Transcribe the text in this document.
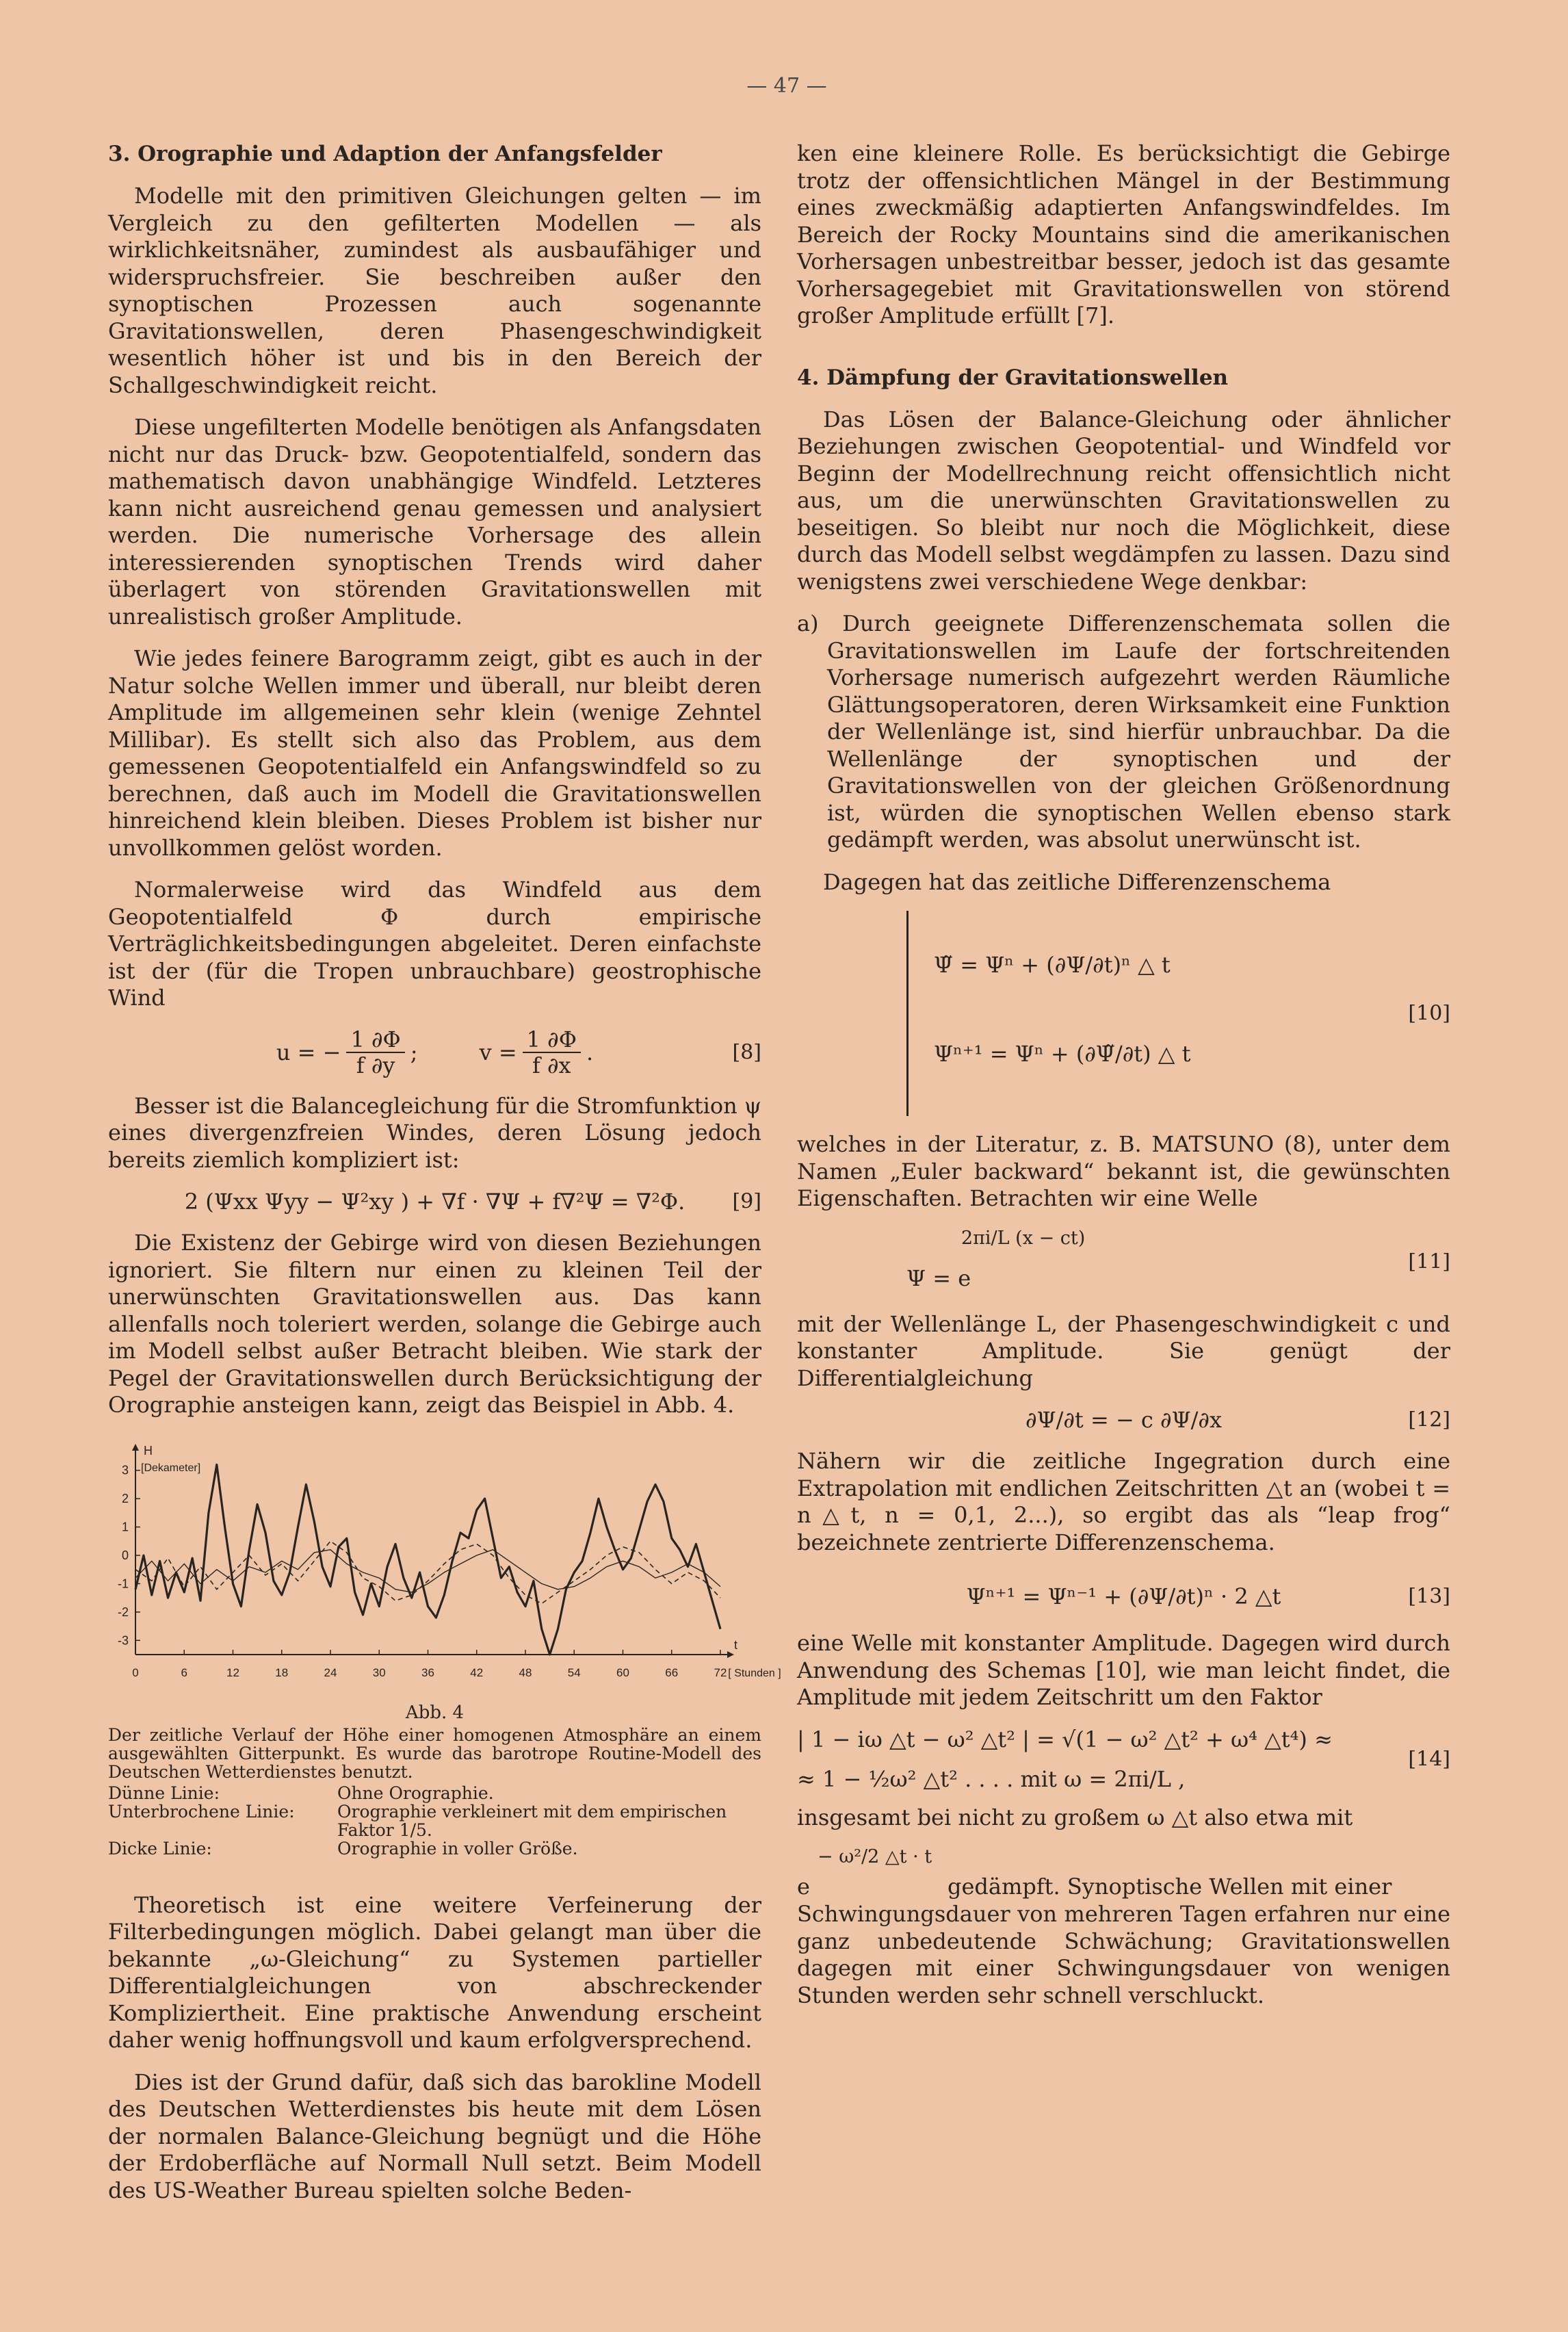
— 47 —
3. Orographie und Adaption der Anfangsfelder

Modelle mit den primitiven Gleichungen gelten — im Vergleich zu den gefilterten Modellen — als wirklichkeitsnäher, zumindest als ausbaufähiger und widerspruchsfreier. Sie beschreiben außer den synoptischen Prozessen auch sogenannte Gravitationswellen, deren Phasengeschwindigkeit wesentlich höher ist und bis in den Bereich der Schallgeschwindigkeit reicht.

Diese ungefilterten Modelle benötigen als Anfangsdaten nicht nur das Druck- bzw. Geopotentialfeld, sondern das mathematisch davon unabhängige Windfeld. Letzteres kann nicht ausreichend genau gemessen und analysiert werden. Die numerische Vorhersage des allein interessierenden synoptischen Trends wird daher überlagert von störenden Gravitationswellen mit unrealistisch großer Amplitude.

Wie jedes feinere Barogramm zeigt, gibt es auch in der Natur solche Wellen immer und überall, nur bleibt deren Amplitude im allgemeinen sehr klein (wenige Zehntel Millibar). Es stellt sich also das Problem, aus dem gemessenen Geopotentialfeld ein Anfangswindfeld so zu berechnen, daß auch im Modell die Gravitationswellen hinreichend klein bleiben. Dieses Problem ist bisher nur unvollkommen gelöst worden.

Normalerweise wird das Windfeld aus dem Geopotentialfeld Φ durch empirische Verträglichkeitsbedingungen abgeleitet. Deren einfachste ist der (für die Tropen unbrauchbare) geostrophische Wind

u = − $\frac{1 \partial\Phi}{f \partial y}$ ;	$v = \frac{1 \partial\Phi}{f \partial x}$ .	[8]

Besser ist die Balancegleichung für die Stromfunktion ψ eines divergenzfreien Windes, deren Lösung jedoch bereits ziemlich kompliziert ist:

2 (Ψxx Ψyy − Ψ²xy ) + ∇f · ∇Ψ + f∇²Ψ = ∇²Φ. [9]

Die Existenz der Gebirge wird von diesen Beziehungen ignoriert. Sie filtern nur einen zu kleinen Teil der unerwünschten Gravitationswellen aus. Das kann allenfalls noch toleriert werden, solange die Gebirge auch im Modell selbst außer Betracht bleiben. Wie stark der Pegel der Gravitationswellen durch Berücksichtigung der Orographie ansteigen kann, zeigt das Beispiel in Abb. 4.

H
[Dekameter]
3
2
1
0
-1
-2
-3
0	6	12	18	24	30	36	42	48	54	60	66	72
t
[ Stunden ]
Abb. 4

Der zeitliche Verlauf der Höhe einer homogenen Atmosphäre an einem ausgewählten Gitterpunkt. Es wurde das barotrope Routine-Modell des Deutschen Wetterdienstes benutzt.

Dünne Linie:	Ohne Orographie.
Unterbrochene Linie:	Orographie verkleinert mit dem empirischen Faktor 1/5.
Dicke Linie:	Orographie in voller Größe.

Theoretisch ist eine weitere Verfeinerung der Filterbedingungen möglich. Dabei gelangt man über die bekannte „ω-Gleichung“ zu Systemen partieller Differentialgleichungen von abschreckender Kompliziertheit. Eine praktische Anwendung erscheint daher wenig hoffnungsvoll und kaum erfolgversprechend.

Dies ist der Grund dafür, daß sich das barokline Modell des Deutschen Wetterdienstes bis heute mit dem Lösen der normalen Balance-Gleichung begnügt und die Höhe der Erdoberfläche auf Normall Null setzt. Beim Modell des US-Weather Bureau spielten solche Beden-

ken eine kleinere Rolle. Es berücksichtigt die Gebirge trotz der offensichtlichen Mängel in der Bestimmung eines zweckmäßig adaptierten Anfangswindfeldes. Im Bereich der Rocky Mountains sind die amerikanischen Vorhersagen unbestreitbar besser, jedoch ist das gesamte Vorhersagegebiet mit Gravitationswellen von störend großer Amplitude erfüllt [7].

4. Dämpfung der Gravitationswellen

Das Lösen der Balance-Gleichung oder ähnlicher Beziehungen zwischen Geopotential- und Windfeld vor Beginn der Modellrechnung reicht offensichtlich nicht aus, um die unerwünschten Gravitationswellen zu beseitigen. So bleibt nur noch die Möglichkeit, diese durch das Modell selbst wegdämpfen zu lassen. Dazu sind wenigstens zwei verschiedene Wege denkbar:

a) Durch geeignete Differenzenschemata sollen die Gravitationswellen im Laufe der fortschreitenden Vorhersage numerisch aufgezehrt werden Räumliche Glättungsoperatoren, deren Wirksamkeit eine Funktion der Wellenlänge ist, sind hierfür unbrauchbar. Da die Wellenlänge der synoptischen und der Gravitationswellen von der gleichen Größenordnung ist, würden die synoptischen Wellen ebenso stark gedämpft werden, was absolut unerwünscht ist.

Dagegen hat das zeitliche Differenzenschema

Ψ̃ = Ψⁿ + (∂Ψ/∂t)ⁿ △ t
Ψⁿ⁺¹ = Ψⁿ + (∂Ψ̃/∂t) △ t
[10]

welches in der Literatur, z. B. MATSUNO (8), unter dem Namen „Euler backward“ bekannt ist, die gewünschten Eigenschaften. Betrachten wir eine Welle

2πi/L (x − ct)
Ψ = e
[11]

mit der Wellenlänge L, der Phasengeschwindigkeit c und konstanter Amplitude. Sie genügt der Differentialgleichung

∂Ψ/∂t = − c ∂Ψ/∂x	[12]

Nähern wir die zeitliche Ingegration durch eine Extrapolation mit endlichen Zeitschritten △t an (wobei t = n△t, n = 0,1, 2...), so ergibt das als “leap frog“ bezeichnete zentrierte Differenzenschema.

Ψⁿ⁺¹ = Ψⁿ⁻¹ + (∂Ψ/∂t)ⁿ · 2 △t	[13]

eine Welle mit konstanter Amplitude. Dagegen wird durch Anwendung des Schemas [10], wie man leicht findet, die Amplitude mit jedem Zeitschritt um den Faktor

| 1 − iω △t − ω² △t² | = √(1 − ω² △t² + ω⁴ △t⁴) ≈
≈ 1 − ½ω² △t² . . . . mit ω = 2πi/L ,
[14]

insgesamt bei nicht zu großem ω △t also etwa mit

− ω²/2 △t · t
e	gedämpft. Synoptische Wellen mit einer

Schwingungsdauer von mehreren Tagen erfahren nur eine ganz unbedeutende Schwächung; Gravitationswellen dagegen mit einer Schwingungsdauer von wenigen Stunden werden sehr schnell verschluckt.
